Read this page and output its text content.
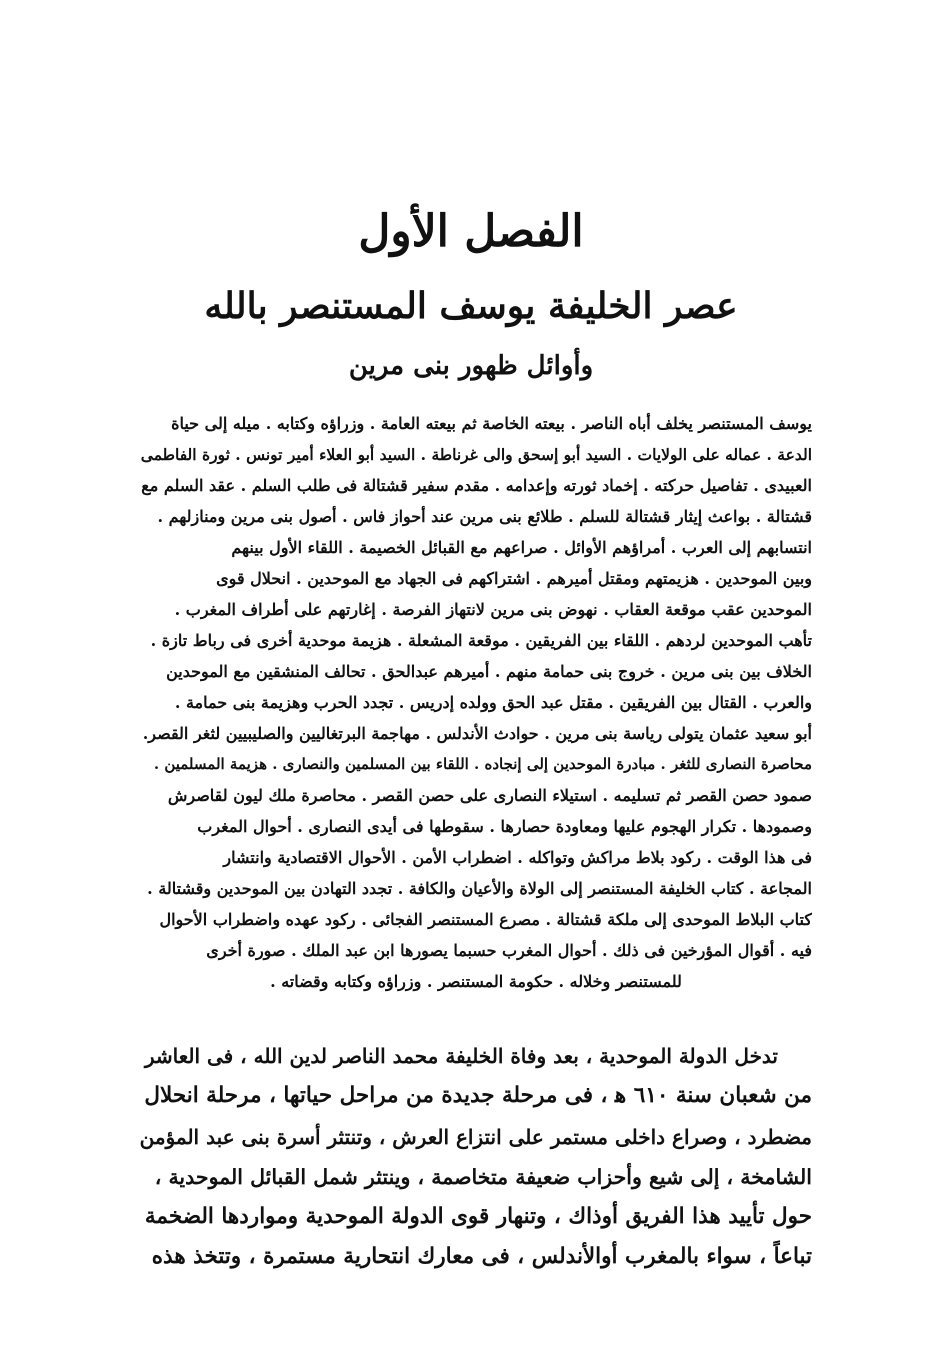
الفصل الأول
عصر الخليفة يوسف المستنصر بالله
وأوائل ظهور بنى مرين
يوسف المستنصر يخلف أباه الناصر . بيعته الخاصة ثم بيعته العامة . وزراؤه وكتابه . ميله إلى حياة
الدعة . عماله على الولايات . السيد أبو إسحق والى غرناطة . السيد أبو العلاء أمير تونس . ثورة الفاطمى
العبيدى . تفاصيل حركته . إخماد ثورته وإعدامه . مقدم سفير قشتالة فى طلب السلم . عقد السلم مع
قشتالة . بواعث إيثار قشتالة للسلم . طلائع بنى مرين عند أحواز فاس . أصول بنى مرين ومنازلهم .
انتسابهم إلى العرب . أمراؤهم الأوائل . صراعهم مع القبائل الخصيمة . اللقاء الأول بينهم
وبين الموحدين . هزيمتهم ومقتل أميرهم . اشتراكهم فى الجهاد مع الموحدين . انحلال قوى
الموحدين عقب موقعة العقاب . نهوض بنى مرين لانتهاز الفرصة . إغارتهم على أطراف المغرب .
تأهب الموحدين لردهم . اللقاء بين الفريقين . موقعة المشعلة . هزيمة موحدية أخرى فى رباط تازة .
الخلاف بين بنى مرين . خروج بنى حمامة منهم . أميرهم عبدالحق . تحالف المنشقين مع الموحدين
والعرب . القتال بين الفريقين . مقتل عبد الحق وولده إدريس . تجدد الحرب وهزيمة بنى حمامة .
أبو سعيد عثمان يتولى رياسة بنى مرين . حوادث الأندلس . مهاجمة البرتغاليين والصليبيين لثغر القصر.
محاصرة النصارى للثغر . مبادرة الموحدين إلى إنجاده . اللقاء بين المسلمين والنصارى . هزيمة المسلمين .
صمود حصن القصر ثم تسليمه . استيلاء النصارى على حصن القصر . محاصرة ملك ليون لقاصرش
وصمودها . تكرار الهجوم عليها ومعاودة حصارها . سقوطها فى أيدى النصارى . أحوال المغرب
فى هذا الوقت . ركود بلاط مراكش وتواكله . اضطراب الأمن . الأحوال الاقتصادية وانتشار
المجاعة . كتاب الخليفة المستنصر إلى الولاة والأعيان والكافة . تجدد التهادن بين الموحدين وقشتالة .
كتاب البلاط الموحدى إلى ملكة قشتالة . مصرع المستنصر الفجائى . ركود عهده واضطراب الأحوال
فيه . أقوال المؤرخين فى ذلك . أحوال المغرب حسبما يصورها ابن عبد الملك . صورة أخرى
للمستنصر وخلاله . حكومة المستنصر . وزراؤه وكتابه وقضاته .
تدخل الدولة الموحدية ، بعد وفاة الخليفة محمد الناصر لدين الله ، فى العاشر
من شعبان سنة ٦١٠ ﻫ ، فى مرحلة جديدة من مراحل حياتها ، مرحلة انحلال
مضطرد ، وصراع داخلى مستمر على انتزاع العرش ، وتنتثر أسرة بنى عبد المؤمن
الشامخة ، إلى شيع وأحزاب ضعيفة متخاصمة ، وينتثر شمل القبائل الموحدية ،
حول تأييد هذا الفريق أوذاك ، وتنهار قوى الدولة الموحدية ومواردها الضخمة
تباعاً ، سواء بالمغرب أوالأندلس ، فى معارك انتحارية مستمرة ، وتتخذ هذه
